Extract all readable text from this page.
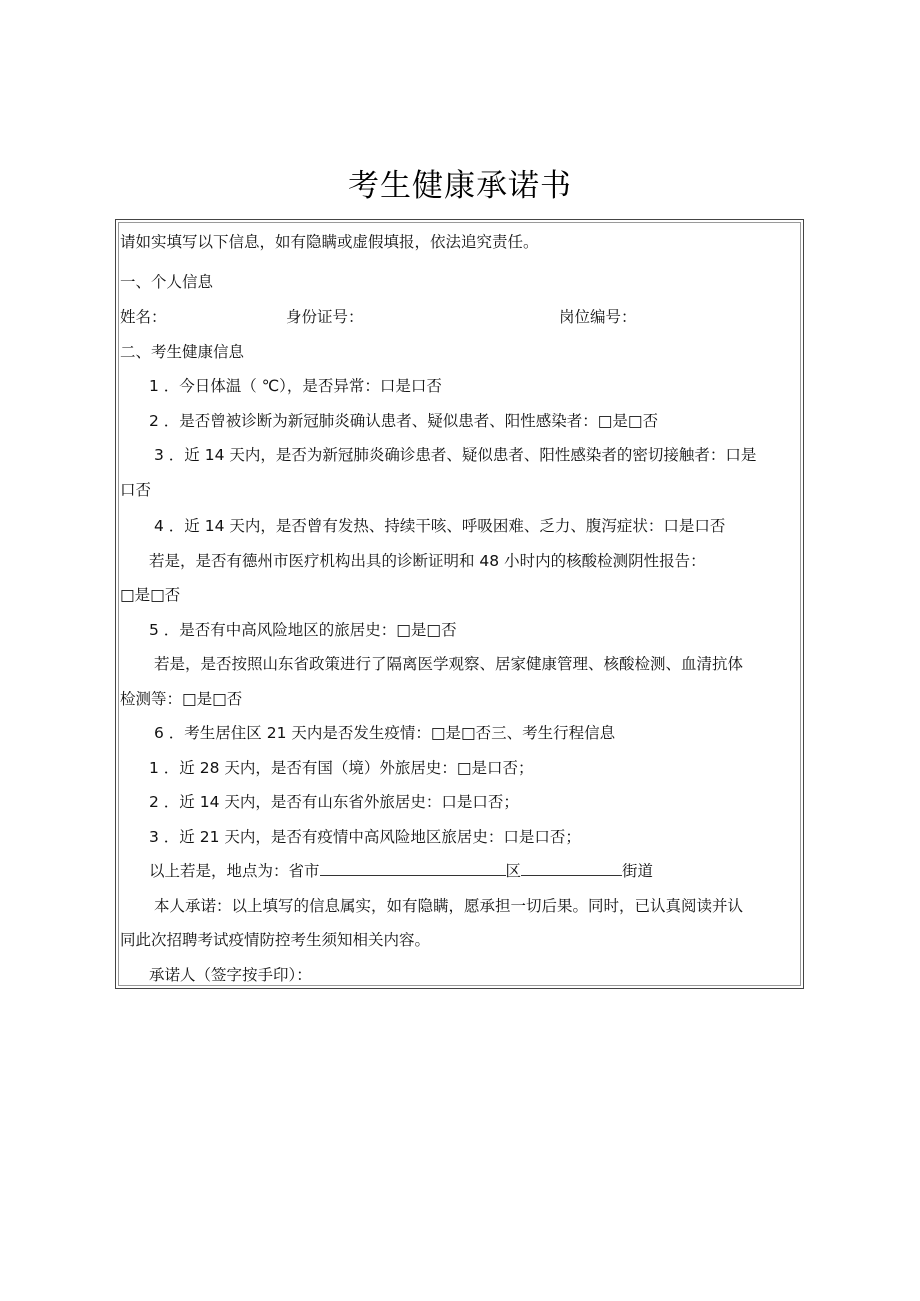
考生健康承诺书
请如实填写以下信息，如有隐瞒或虚假填报，依法追究责任。
一、个人信息
姓名：	身份证号：	岗位编号：
二、考生健康信息
1 ．今日体温（ ℃），是否异常：口是口否
2 ．是否曾被诊断为新冠肺炎确认患者、疑似患者、阳性感染者：□是□否
3 ．近 14 天内，是否为新冠肺炎确诊患者、疑似患者、阳性感染者的密切接触者：口是
口否
4 ．近 14 天内，是否曾有发热、持续干咳、呼吸困难、乏力、腹泻症状：口是口否
若是，是否有德州市医疗机构出具的诊断证明和 48 小时内的核酸检测阴性报告：
□是□否
5 ．是否有中高风险地区的旅居史：□是□否
若是，是否按照山东省政策进行了隔离医学观察、居家健康管理、核酸检测、血清抗体
检测等：□是□否
6 ．考生居住区 21 天内是否发生疫情：□是□否三、考生行程信息
1 ．近 28 天内，是否有国（境）外旅居史：□是口否；
2 ．近 14 天内，是否有山东省外旅居史：口是口否；
3 ．近 21 天内，是否有疫情中高风险地区旅居史：口是口否；
以上若是，地点为：省市	区	街道
本人承诺：以上填写的信息属实，如有隐瞒，愿承担一切后果。同时，已认真阅读并认
同此次招聘考试疫情防控考生须知相关内容。
承诺人（签字按手印）：
